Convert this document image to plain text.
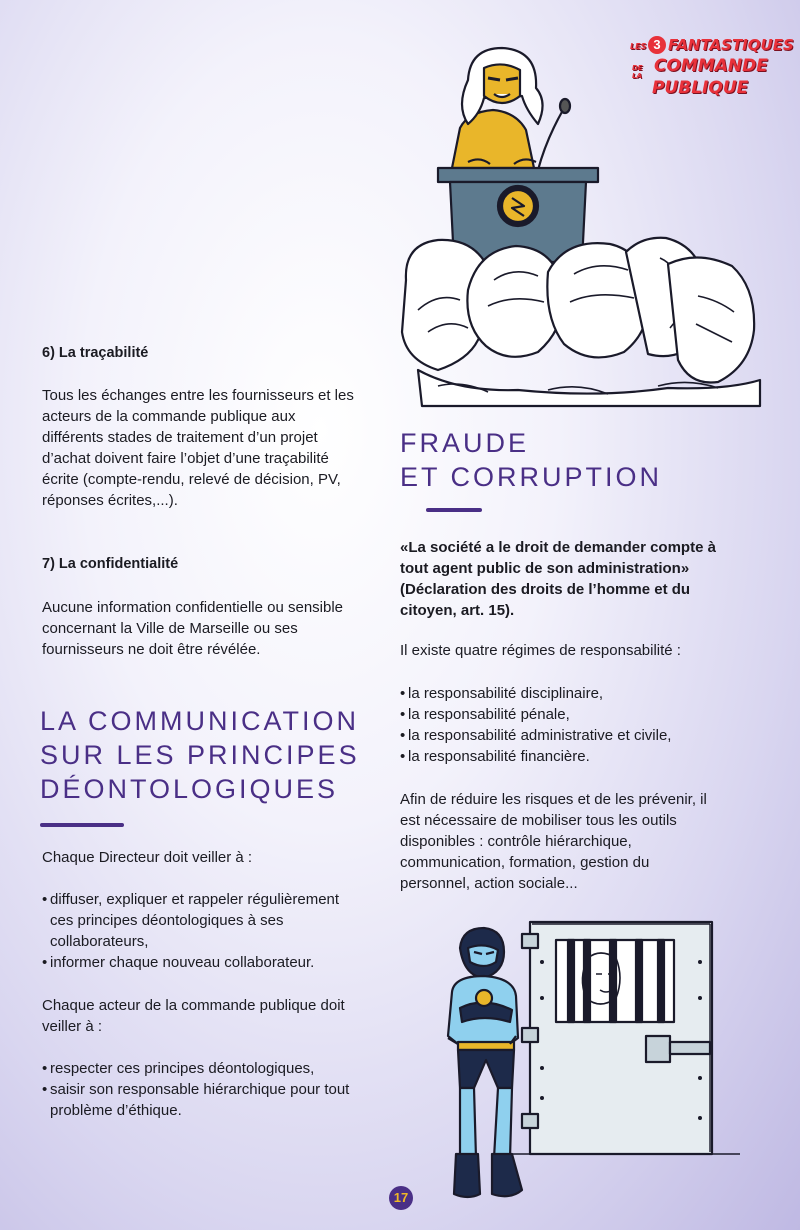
LES 3 FANTASTIQUES
DE LA COMMANDE
PUBLIQUE
6) La traçabilité
Tous les échanges entre les fournisseurs et les acteurs de la commande publique aux différents stades de traitement d’un projet d’achat doivent faire l’objet d’une traçabilité écrite (compte-rendu, relevé de décision, PV, réponses écrites,...).
7) La confidentialité
Aucune information confidentielle ou sensible concernant la Ville de Marseille ou ses fournisseurs ne doit être révélée.
LA COMMUNICATION
SUR LES PRINCIPES
DÉONTOLOGIQUES
Chaque Directeur doit veiller à :
• diffuser, expliquer et rappeler régulièrement ces principes déontologiques à ses collaborateurs,
• informer chaque nouveau collaborateur.
Chaque acteur de la commande publique doit veiller à :
• respecter ces principes déontologiques,
• saisir son responsable hiérarchique pour tout problème d’éthique.
FRAUDE
ET CORRUPTION
«La société a le droit de demander compte à tout agent public de son administration» (Déclaration des droits de l’homme et du citoyen, art. 15).
Il existe quatre régimes de responsabilité :
• la responsabilité disciplinaire,
• la responsabilité pénale,
• la responsabilité administrative et civile,
• la responsabilité financière.
Afin de réduire les risques et de les prévenir, il est nécessaire de mobiliser tous les outils disponibles : contrôle hiérarchique, communication, formation, gestion du personnel, action sociale...
17
